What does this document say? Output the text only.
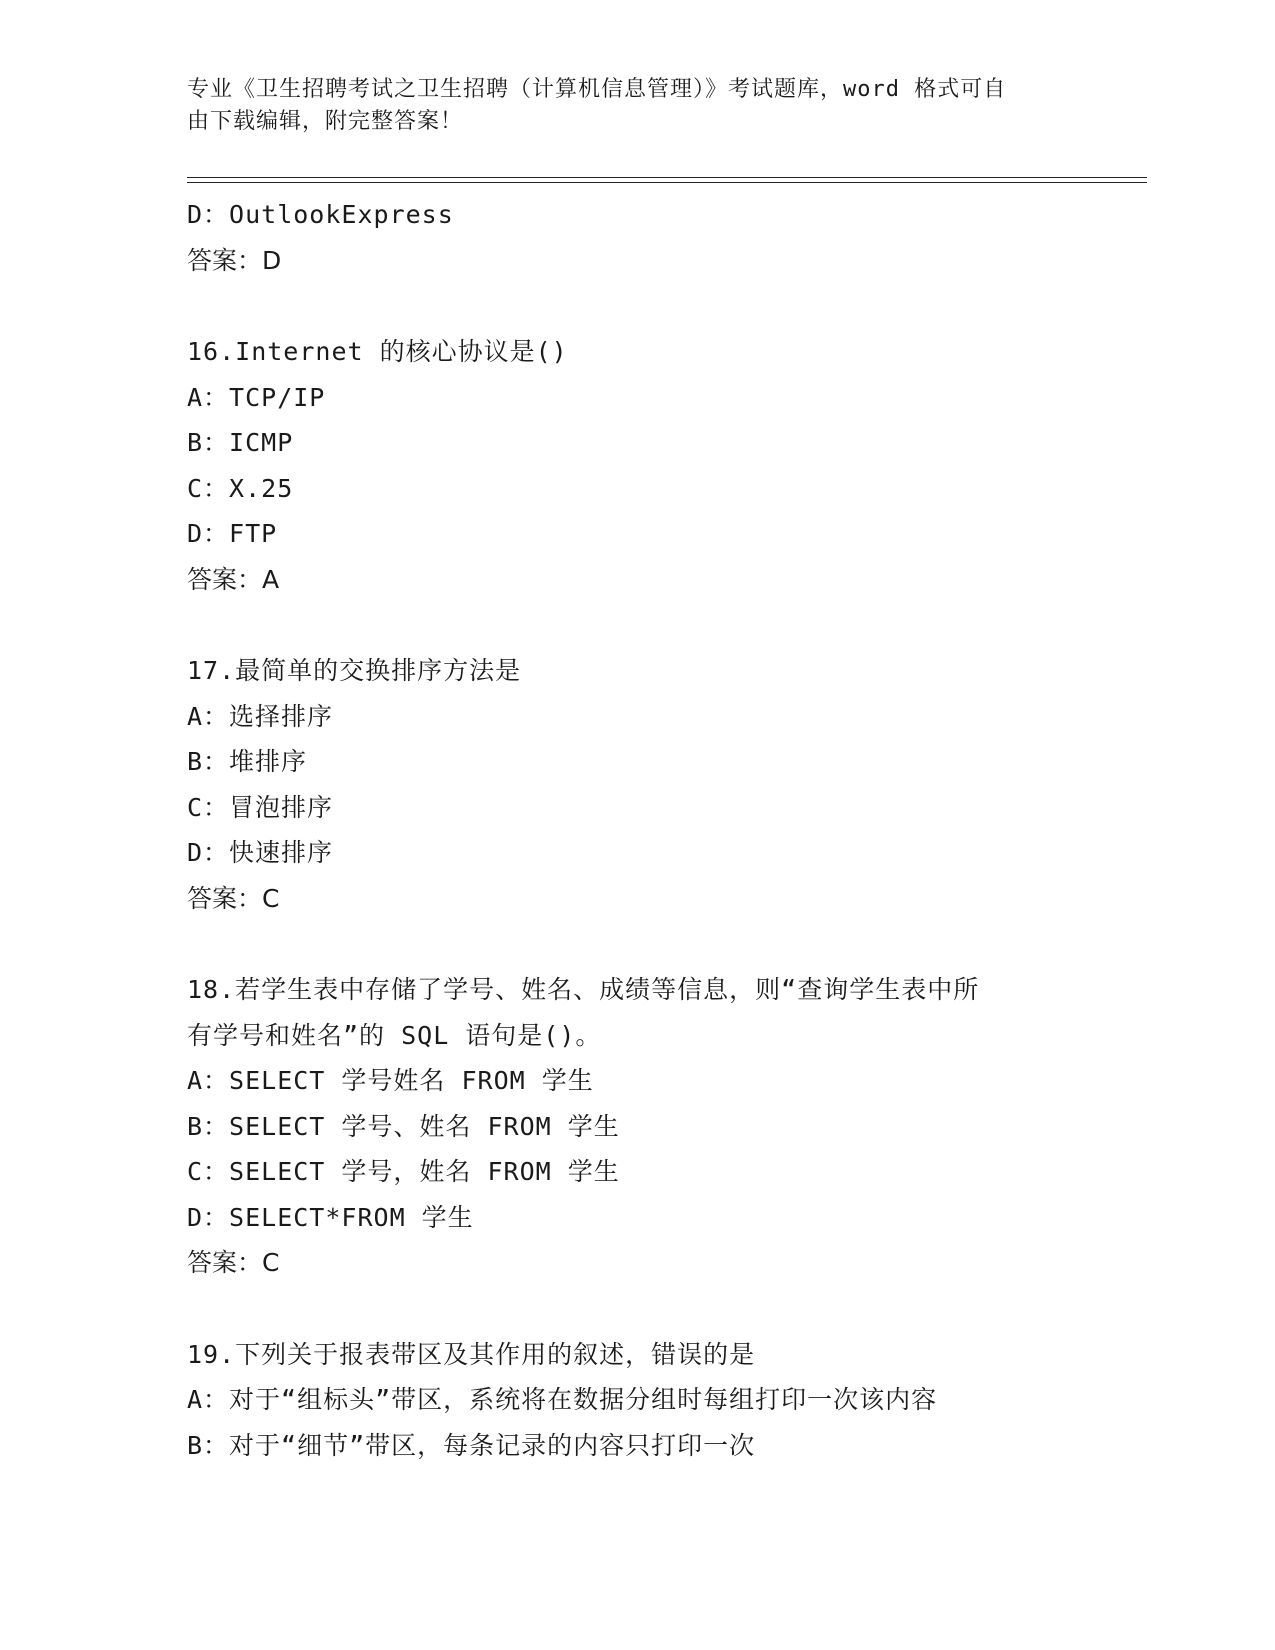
专业《卫生招聘考试之卫生招聘（计算机信息管理）》考试题库，word 格式可自
由下载编辑，附完整答案！
D：OutlookExpress
答案：D
16.Internet 的核心协议是()
A：TCP/IP
B：ICMP
C：X.25
D：FTP
答案：A
17.最简单的交换排序方法是
A：选择排序
B：堆排序
C：冒泡排序
D：快速排序
答案：C
18.若学生表中存储了学号、姓名、成绩等信息，则“查询学生表中所
有学号和姓名”的 SQL 语句是()。
A：SELECT 学号姓名 FROM 学生
B：SELECT 学号、姓名 FROM 学生
C：SELECT 学号，姓名 FROM 学生
D：SELECT*FROM 学生
答案：C
19.下列关于报表带区及其作用的叙述，错误的是
A：对于“组标头”带区，系统将在数据分组时每组打印一次该内容
B：对于“细节”带区，每条记录的内容只打印一次
